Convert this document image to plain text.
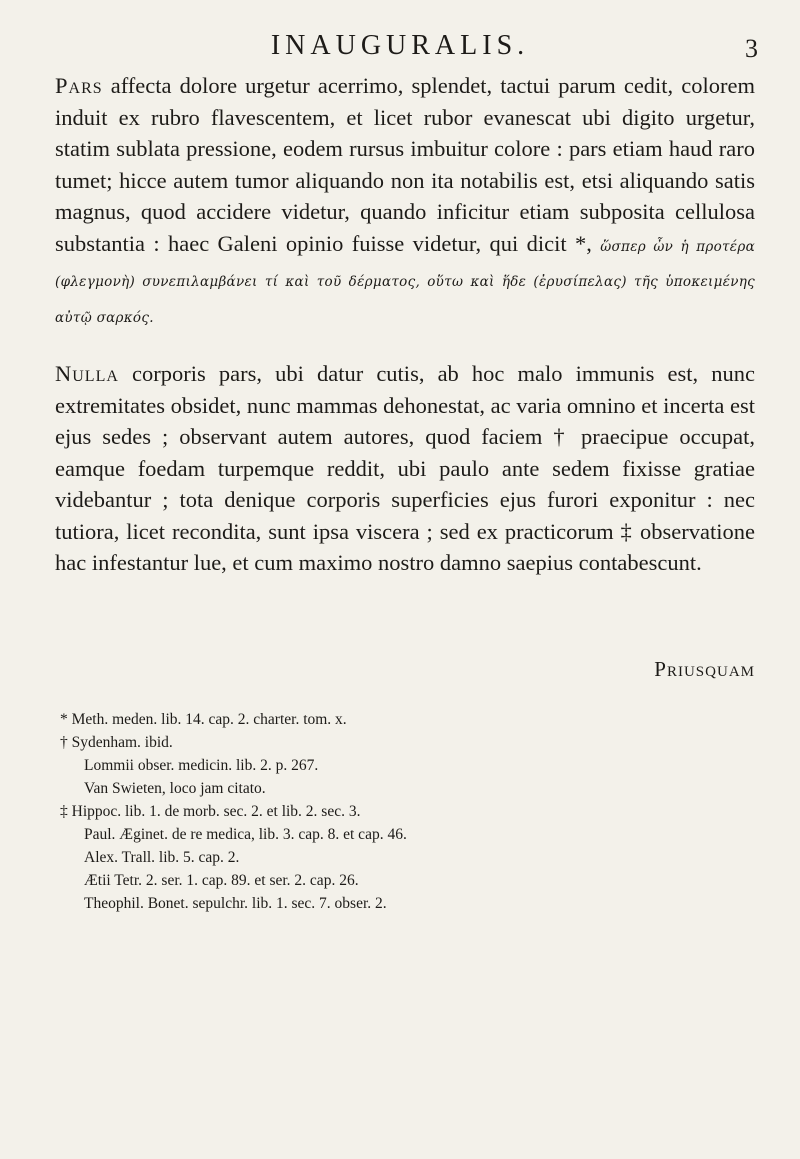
INAUGURALIS.	3

Pars affecta dolore urgetur acerrimo, splendet, tactui parum cedit, colorem induit ex rubro flavescentem, et licet rubor evanescat ubi digito urgetur, statim sublata pressione, eodem rursus imbuitur colore : pars etiam haud raro tumet; hicce autem tumor aliquando non ita notabilis est, etsi aliquando satis magnus, quod accidere videtur, quando inficitur etiam subposita cellulosa substantia : haec Galeni opinio fuisse videtur, qui dicit *, ὥσπερ ὦν ἡ προτέρα (φλεγμονὴ) συνεπιλαμβάνει τί καὶ τοῦ δέρματος, οὕτω καὶ ἥδε (ἐρυσίπελας) τῆς ὑποκειμένης αὐτῷ σαρκός.

Nulla corporis pars, ubi datur cutis, ab hoc malo immunis est, nunc extremitates obsidet, nunc mammas dehonestat, ac varia omnino et incerta est ejus sedes ; observant autem autores, quod faciem † praecipue occupat, eamque foedam turpemque reddit, ubi paulo ante sedem fixisse gratiae videbantur ; tota denique corporis superficies ejus furori exponitur : nec tutiora, licet recondita, sunt ipsa viscera ; sed ex practicorum ‡ observatione hac infestantur lue, et cum maximo nostro damno saepius contabescunt.

Priusquam
* Meth. meden. lib. 14. cap. 2. charter. tom. x.
† Sydenham. ibid.
Lommii obser. medicin. lib. 2. p. 267.
Van Swieten, loco jam citato.
‡ Hippoc. lib. 1. de morb. sec. 2. et lib. 2. sec. 3.
Paul. Æginet. de re medica, lib. 3. cap. 8. et cap. 46.
Alex. Trall. lib. 5. cap. 2.
Ætii Tetr. 2. ser. 1. cap. 89. et ser. 2. cap. 26.
Theophil. Bonet. sepulchr. lib. 1. sec. 7. obser. 2.
